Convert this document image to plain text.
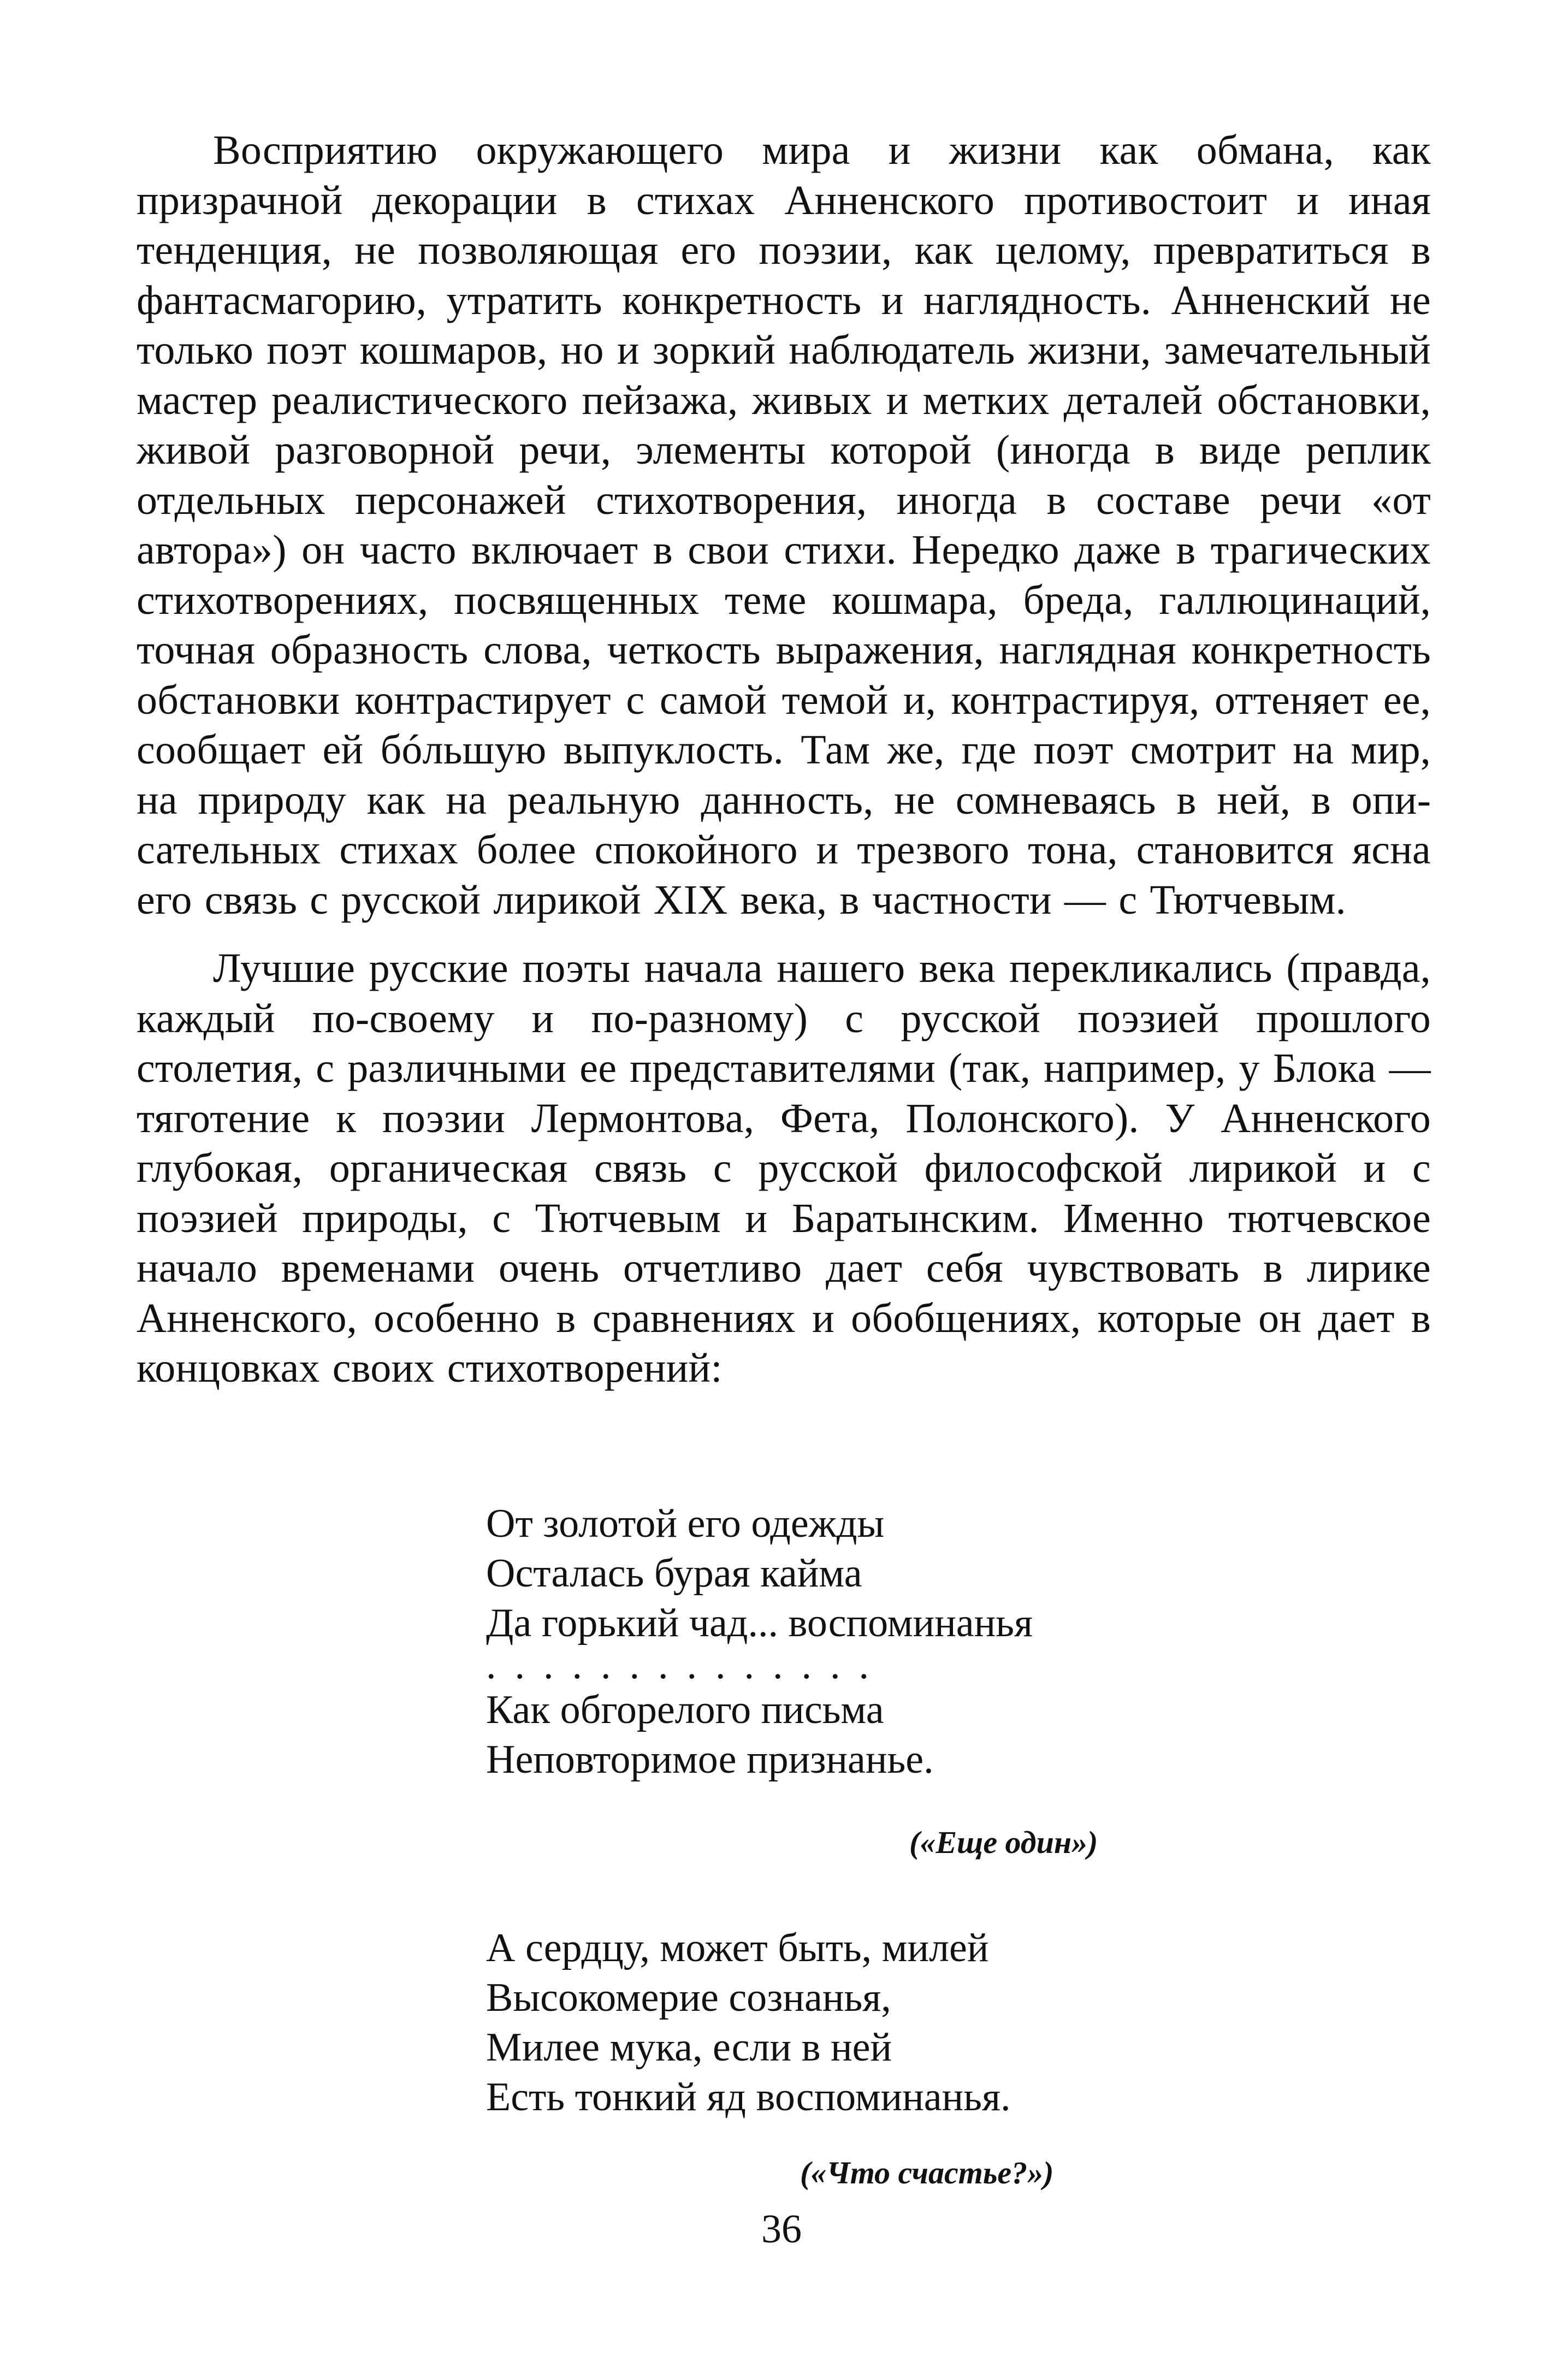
Восприятию окружающего мира и жизни как обмана, как призрачной декорации в стихах Анненского противостоит и иная тенденция, не позволяющая его поэзии, как целому, превратиться в фантасмагорию, утратить конкретность и наглядность. Анненский не только поэт кошмаров, но и зоркий наблюдатель жизни, замечательный мастер реалистического пейзажа, живых и метких деталей обстановки, живой разговорной речи, элементы которой (иногда в виде реплик отдельных персонажей стихотворения, иногда в составе речи «от автора») он часто включает в свои стихи. Нередко даже в трагических стихотворениях, посвященных теме кошмара, бреда, галлюцинаций, точная образность слова, четкость выражения, наглядная конкретность обстановки контрастирует с самой темой и, контрастируя, оттеняет ее, сообщает ей бóльшую выпуклость. Там же, где поэт смотрит на мир, на природу как на реальную данность, не сомневаясь в ней, в описательных стихах более спокойного и трезвого тона, становится ясна его связь с русской лирикой XIX века, в частности — с Тютчевым.

Лучшие русские поэты начала нашего века перекликались (правда, каждый по-своему и по-разному) с русской поэзией прошлого столетия, с различными ее представителями (так, например, у Блока — тяготение к поэзии Лермонтова, Фета, Полонского). У Анненского глубокая, органическая связь с русской философской лирикой и с поэзией природы, с Тютчевым и Баратынским. Именно тютчевское начало временами очень отчетливо дает себя чувствовать в лирике Анненского, особенно в сравнениях и обобщениях, которые он дает в концовках своих стихотворений:

От золотой его одежды

Осталась бурая кайма

Да горький чад... воспоминанья

..............

Как обгорелого письма

Неповторимое признанье.

(«Еще один»)

А сердцу, может быть, милей

Высокомерие сознанья,

Милее мука, если в ней

Есть тонкий яд воспоминанья.

(«Что счастье?»)
36
